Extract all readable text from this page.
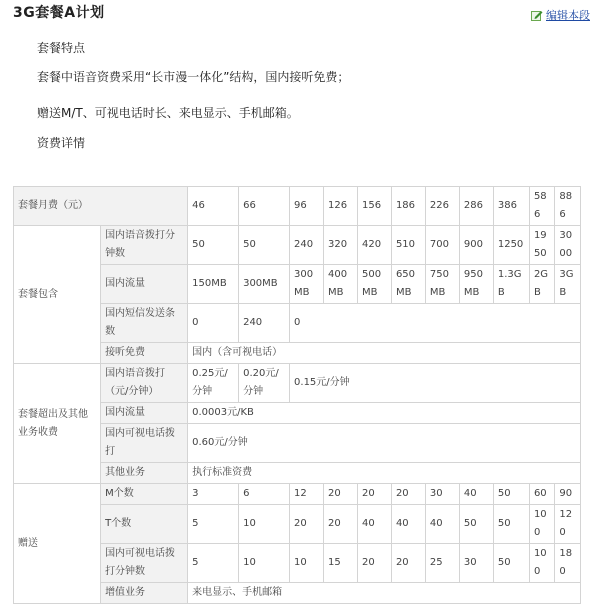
3G套餐A计划	编辑本段
套餐特点
套餐中语音资费采用“长市漫一体化”结构，国内接听免费；
赠送M/T、可视电话时长、来电显示、手机邮箱。
资费详情
套餐月费（元）		46	66	96	126	156	186	226	286	386	586	886
套餐包含	国内语音拨打分钟数	50	50	240	320	420	510	700	900	1250	1950	3000
	国内流量	150MB	300MB	300MB	400MB	500MB	650MB	750MB	950MB	1.3GB	2GB	3GB
	国内短信发送条数	0	240	0								
	接听免费	国内（含可视电话）										
套餐超出及其他业务收费	国内语音拨打（元/分钟）	0.25元/分钟	0.20元/分钟	0.15元/分钟								
	国内流量	0.0003元/KB										
	国内可视电话拨打	0.60元/分钟										
	其他业务	执行标准资费										
赠送	M个数	3	6	12	20	20	20	30	40	50	60	90
	T个数	5	10	20	20	40	40	40	50	50	100	120
	国内可视电话拨打分钟数	5	10	10	15	20	20	25	30	50	100	180
	增值业务	来电显示、手机邮箱										
